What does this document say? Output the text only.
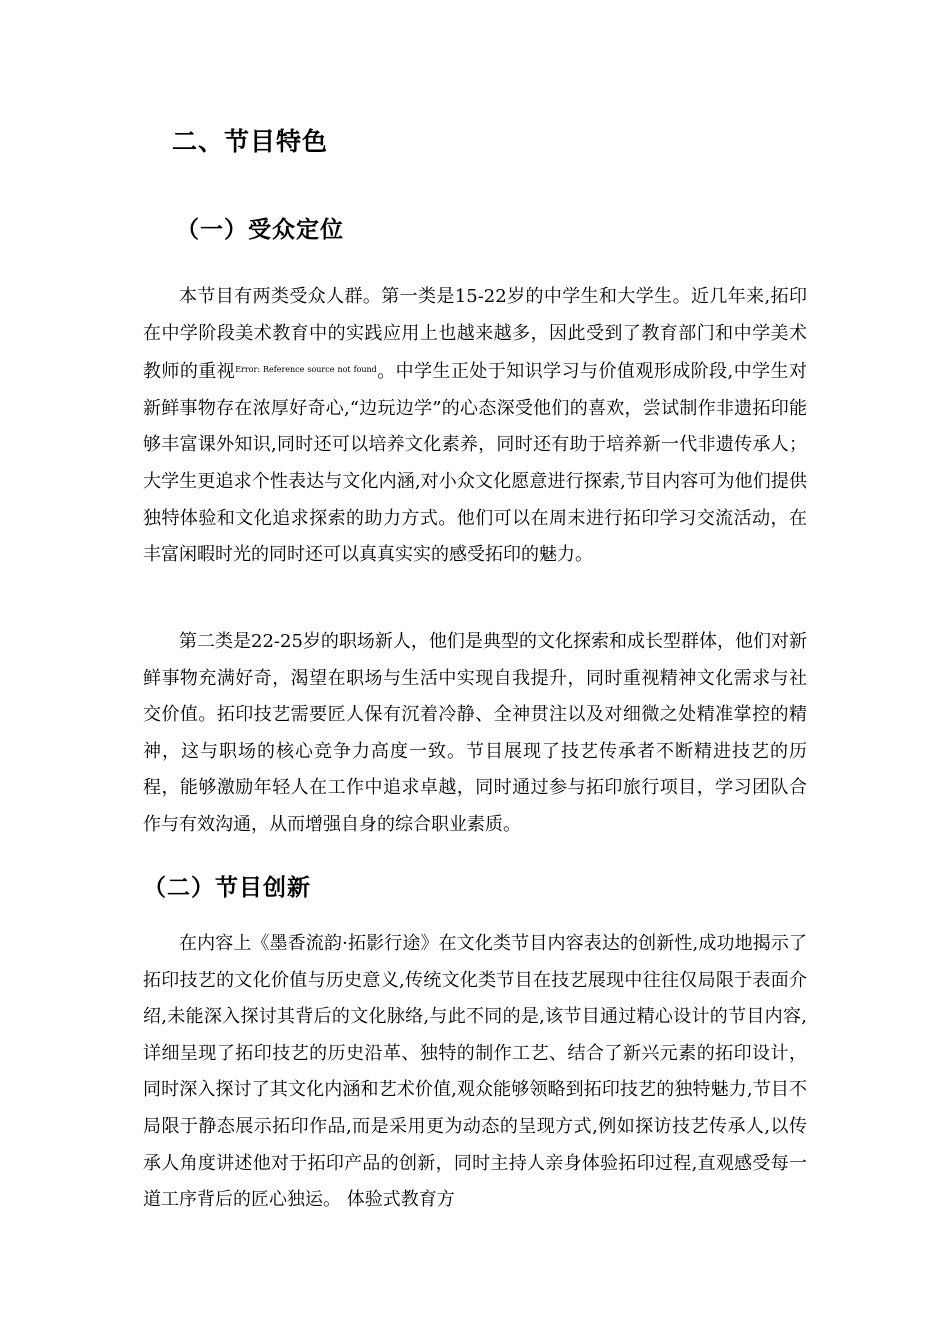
二、节目特色
（一）受众定位

本节目有两类受众人群。第一类是15-22岁的中学生和大学生。近几年来,拓印在中学阶段美术教育中的实践应用上也越来越多，因此受到了教育部门和中学美术教师的重视$^{Error: Reference source not found}$。中学生正处于知识学习与价值观形成阶段,中学生对新鲜事物存在浓厚好奇心,“边玩边学”的心态深受他们的喜欢，尝试制作非遗拓印能够丰富课外知识,同时还可以培养文化素养，同时还有助于培养新一代非遗传承人；大学生更追求个性表达与文化内涵,对小众文化愿意进行探索,节目内容可为他们提供独特体验和文化追求探索的助力方式。他们可以在周末进行拓印学习交流活动，在丰富闲暇时光的同时还可以真真实实的感受拓印的魅力。

第二类是22-25岁的职场新人，他们是典型的文化探索和成长型群体，他们对新鲜事物充满好奇，渴望在职场与生活中实现自我提升，同时重视精神文化需求与社交价值。拓印技艺需要匠人保有沉着冷静、全神贯注以及对细微之处精准掌控的精神，这与职场的核心竞争力高度一致。节目展现了技艺传承者不断精进技艺的历程，能够激励年轻人在工作中追求卓越，同时通过参与拓印旅行项目，学习团队合作与有效沟通，从而增强自身的综合职业素质。

（二）节目创新

在内容上《墨香流韵·拓影行途》在文化类节目内容表达的创新性,成功地揭示了拓印技艺的文化价值与历史意义,传统文化类节目在技艺展现中往往仅局限于表面介绍,未能深入探讨其背后的文化脉络,与此不同的是,该节目通过精心设计的节目内容,详细呈现了拓印技艺的历史沿革、独特的制作工艺、结合了新兴元素的拓印设计，同时深入探讨了其文化内涵和艺术价值,观众能够领略到拓印技艺的独特魅力,节目不局限于静态展示拓印作品,而是采用更为动态的呈现方式,例如探访技艺传承人,以传承人角度讲述他对于拓印产品的创新，同时主持人亲身体验拓印过程,直观感受每一道工序背后的匠心独运。 体验式教育方
